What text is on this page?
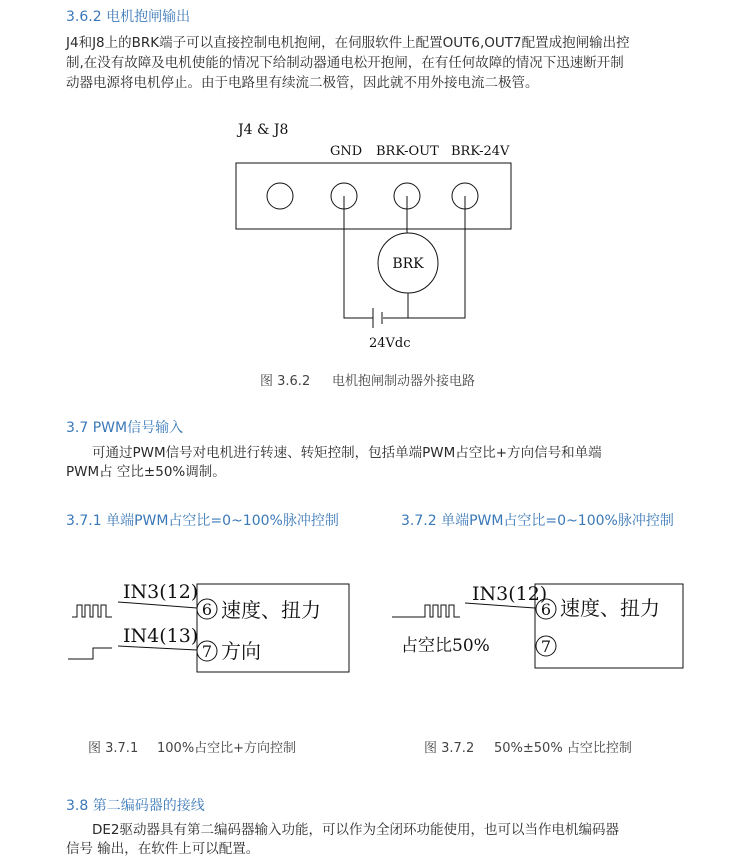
3.6.2 电机抱闸输出
J4和J8上的BRK端子可以直接控制电机抱闸，在伺服软件上配置OUT6,OUT7配置成抱闸输出控
制,在没有故障及电机使能的情况下给制动器通电松开抱闸，在有任何故障的情况下迅速断开制
动器电源将电机停止。由于电路里有续流二极管，因此就不用外接电流二极管。
J4 & J8
GND BRK-OUT BRK-24V
BRK
24Vdc
图 3.6.2 电机抱闸制动器外接电路
3.7 PWM信号输入
可通过PWM信号对电机进行转速、转矩控制，包括单端PWM占空比+方向信号和单端
PWM占 空比±50%调制。
3.7.1 单端PWM占空比=0~100%脉冲控制	3.7.2 单端PWM占空比=0~100%脉冲控制
IN3(12)
IN4(13)
6
7
速度、扭力
方向
IN3(12)
6
7
速度、扭力
占空比50%
图 3.7.1 100%占空比+方向控制	图 3.7.2 50%±50% 占空比控制
3.8 第二编码器的接线
DE2驱动器具有第二编码器输入功能，可以作为全闭环功能使用，也可以当作电机编码器
信号 输出，在软件上可以配置。
